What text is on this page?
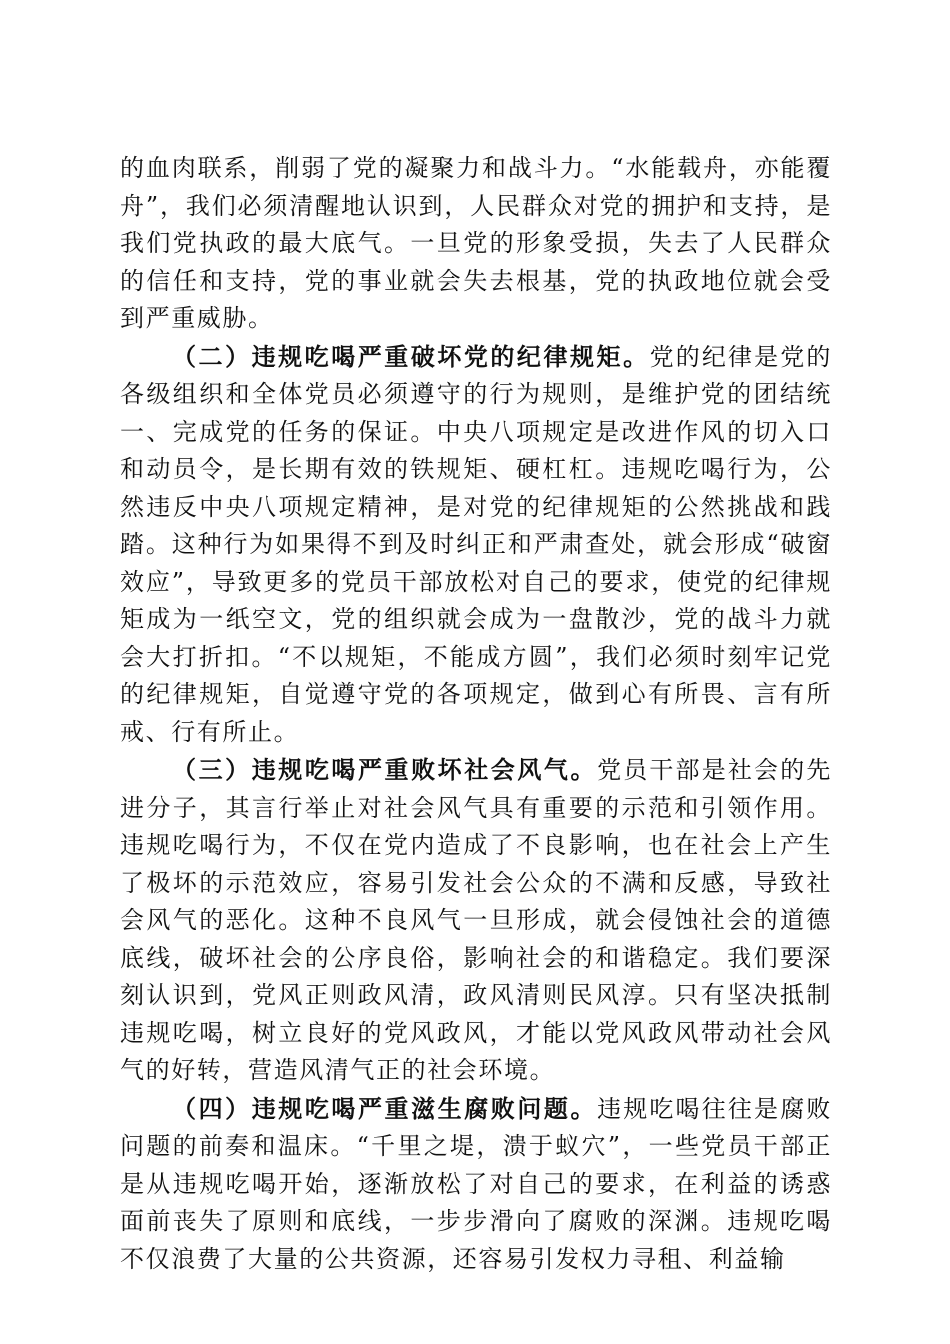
的血肉联系，削弱了党的凝聚力和战斗力。“水能载舟，亦能覆舟”，我们必须清醒地认识到，人民群众对党的拥护和支持，是我们党执政的最大底气。一旦党的形象受损，失去了人民群众的信任和支持，党的事业就会失去根基，党的执政地位就会受到严重威胁。

（二）违规吃喝严重破坏党的纪律规矩。党的纪律是党的各级组织和全体党员必须遵守的行为规则，是维护党的团结统一、完成党的任务的保证。中央八项规定是改进作风的切入口和动员令，是长期有效的铁规矩、硬杠杠。违规吃喝行为，公然违反中央八项规定精神，是对党的纪律规矩的公然挑战和践踏。这种行为如果得不到及时纠正和严肃查处，就会形成“破窗效应”，导致更多的党员干部放松对自己的要求，使党的纪律规矩成为一纸空文，党的组织就会成为一盘散沙，党的战斗力就会大打折扣。“不以规矩，不能成方圆”，我们必须时刻牢记党的纪律规矩，自觉遵守党的各项规定，做到心有所畏、言有所戒、行有所止。

（三）违规吃喝严重败坏社会风气。党员干部是社会的先进分子，其言行举止对社会风气具有重要的示范和引领作用。违规吃喝行为，不仅在党内造成了不良影响，也在社会上产生了极坏的示范效应，容易引发社会公众的不满和反感，导致社会风气的恶化。这种不良风气一旦形成，就会侵蚀社会的道德底线，破坏社会的公序良俗，影响社会的和谐稳定。我们要深刻认识到，党风正则政风清，政风清则民风淳。只有坚决抵制违规吃喝，树立良好的党风政风，才能以党风政风带动社会风气的好转，营造风清气正的社会环境。

（四）违规吃喝严重滋生腐败问题。违规吃喝往往是腐败问题的前奏和温床。“千里之堤，溃于蚁穴”，一些党员干部正是从违规吃喝开始，逐渐放松了对自己的要求，在利益的诱惑面前丧失了原则和底线，一步步滑向了腐败的深渊。违规吃喝不仅浪费了大量的公共资源，还容易引发权力寻租、利益输
